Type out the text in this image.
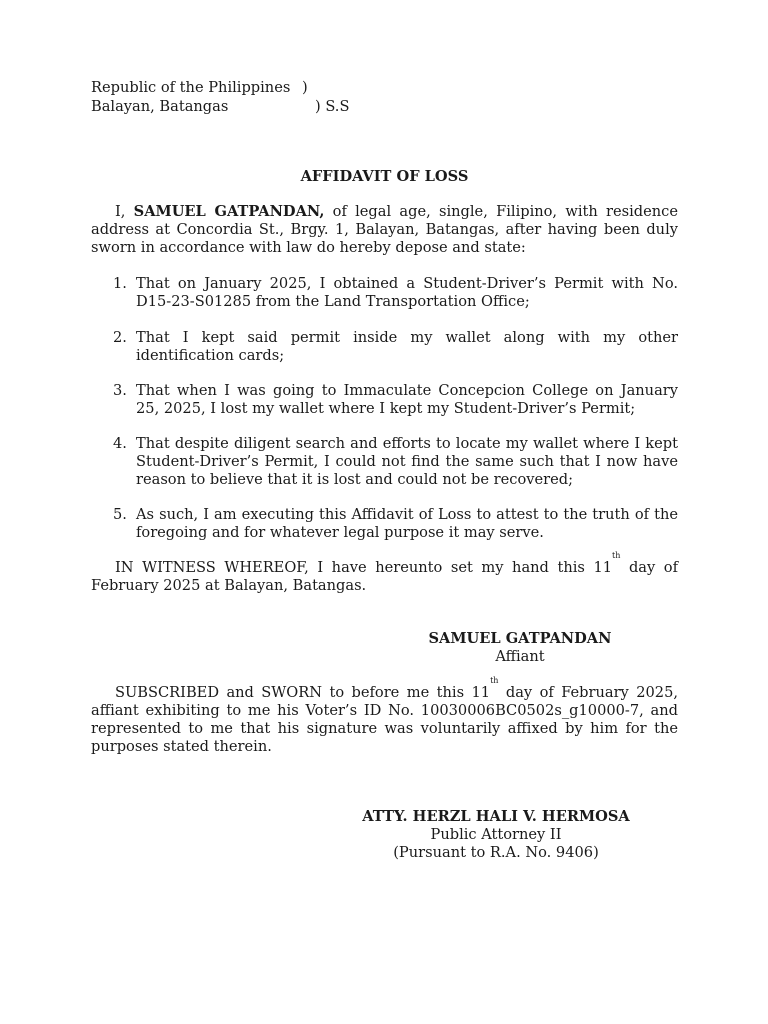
Republic of the Philippines )
Balayan, Batangas	) S.S
AFFIDAVIT OF LOSS

I, SAMUEL GATPANDAN, of legal age, single, Filipino, with residence address at Concordia St., Brgy. 1, Balayan, Batangas, after having been duly sworn in accordance with law do hereby depose and state:

1. That on January 2025, I obtained a Student-Driver’s Permit with No. D15-23-S01285 from the Land Transportation Office;
2. That I kept said permit inside my wallet along with my other identification cards;
3. That when I was going to Immaculate Concepcion College on January 25, 2025, I lost my wallet where I kept my Student-Driver’s Permit;
4. That despite diligent search and efforts to locate my wallet where I kept Student-Driver’s Permit, I could not find the same such that I now have reason to believe that it is lost and could not be recovered;
5. As such, I am executing this Affidavit of Loss to attest to the truth of the foregoing and for whatever legal purpose it may serve.

IN WITNESS WHEREOF, I have hereunto set my hand this 11th day of February 2025 at Balayan, Batangas.

SAMUEL GATPANDAN
Affiant

SUBSCRIBED and SWORN to before me this 11th day of February 2025, affiant exhibiting to me his Voter’s ID No. 10030006BC0502s_g10000-7, and represented to me that his signature was voluntarily affixed by him for the purposes stated therein.

ATTY. HERZL HALI V. HERMOSA
Public Attorney II
(Pursuant to R.A. No. 9406)
